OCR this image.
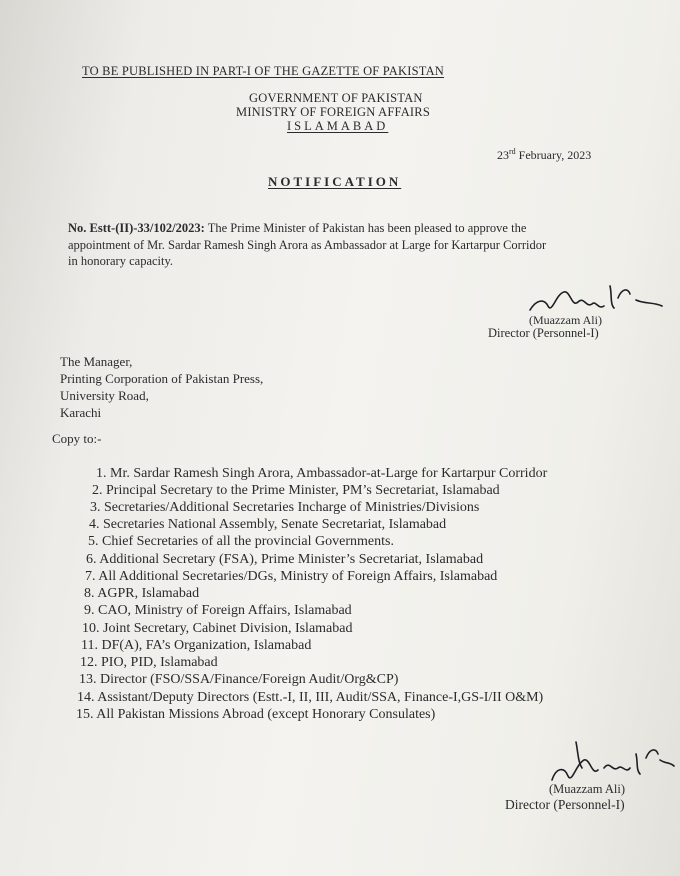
TO BE PUBLISHED IN PART-I OF THE GAZETTE OF PAKISTAN
GOVERNMENT OF PAKISTAN
MINISTRY OF FOREIGN AFFAIRS
ISLAMABAD
23rd February, 2023
NOTIFICATION
No. Estt-(II)-33/102/2023: The Prime Minister of Pakistan has been pleased to approve the
appointment of Mr. Sardar Ramesh Singh Arora as Ambassador at Large for Kartarpur Corridor
in honorary capacity.
(Muazzam Ali)
Director (Personnel-I)
The Manager,
Printing Corporation of Pakistan Press,
University Road,
Karachi
Copy to:-
1. Mr. Sardar Ramesh Singh Arora, Ambassador-at-Large for Kartarpur Corridor
2. Principal Secretary to the Prime Minister, PM’s Secretariat, Islamabad
3. Secretaries/Additional Secretaries Incharge of Ministries/Divisions
4. Secretaries National Assembly, Senate Secretariat, Islamabad
5. Chief Secretaries of all the provincial Governments.
6. Additional Secretary (FSA), Prime Minister’s Secretariat, Islamabad
7. All Additional Secretaries/DGs, Ministry of Foreign Affairs, Islamabad
8. AGPR, Islamabad
9. CAO, Ministry of Foreign Affairs, Islamabad
10. Joint Secretary, Cabinet Division, Islamabad
11. DF(A), FA’s Organization, Islamabad
12. PIO, PID, Islamabad
13. Director (FSO/SSA/Finance/Foreign Audit/Org&CP)
14. Assistant/Deputy Directors (Estt.-I, II, III, Audit/SSA, Finance-I,GS-I/II O&M)
15. All Pakistan Missions Abroad (except Honorary Consulates)
(Muazzam Ali)
Director (Personnel-I)
